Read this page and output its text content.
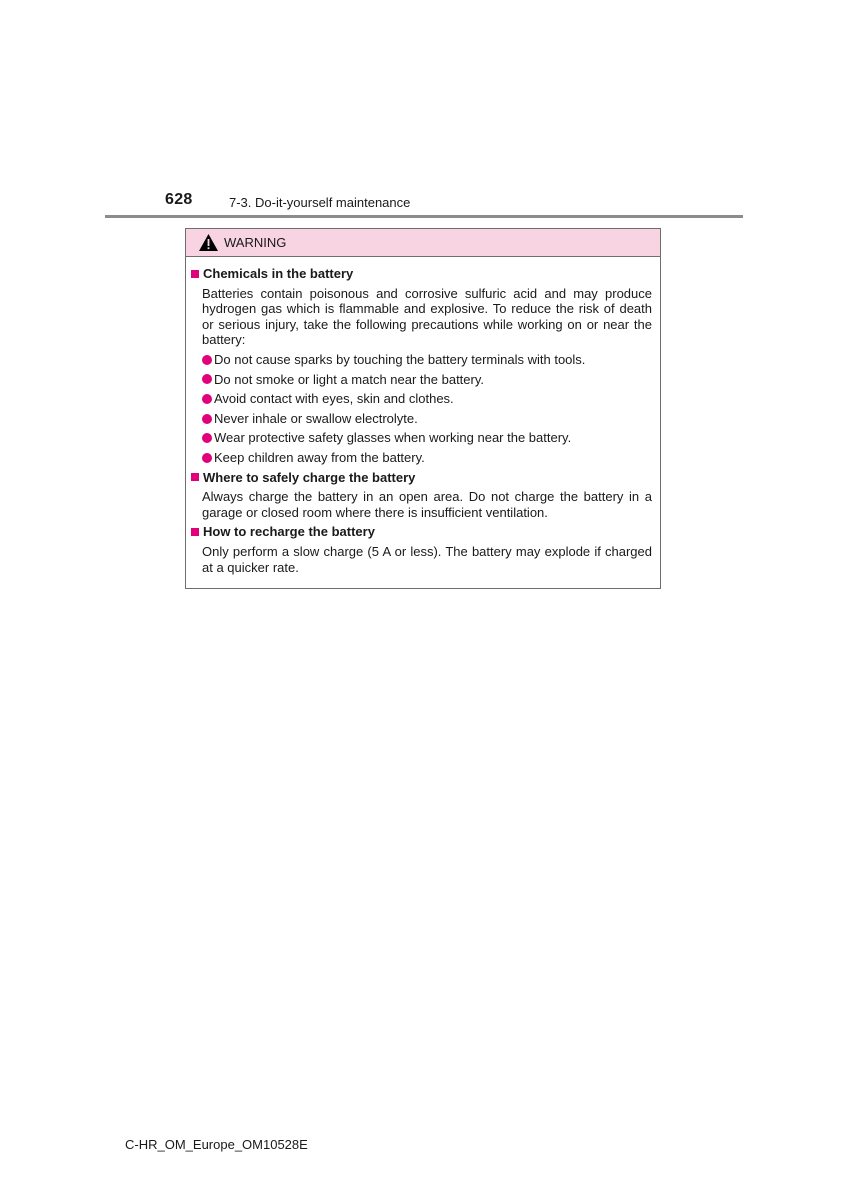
628	7-3. Do-it-yourself maintenance
WARNING
Chemicals in the battery
Batteries contain poisonous and corrosive sulfuric acid and may produce hydrogen gas which is flammable and explosive. To reduce the risk of death or serious injury, take the following precautions while working on or near the battery:
Do not cause sparks by touching the battery terminals with tools.
Do not smoke or light a match near the battery.
Avoid contact with eyes, skin and clothes.
Never inhale or swallow electrolyte.
Wear protective safety glasses when working near the battery.
Keep children away from the battery.
Where to safely charge the battery
Always charge the battery in an open area. Do not charge the battery in a garage or closed room where there is insufficient ventilation.
How to recharge the battery
Only perform a slow charge (5 A or less). The battery may explode if charged at a quicker rate.
C-HR_OM_Europe_OM10528E
